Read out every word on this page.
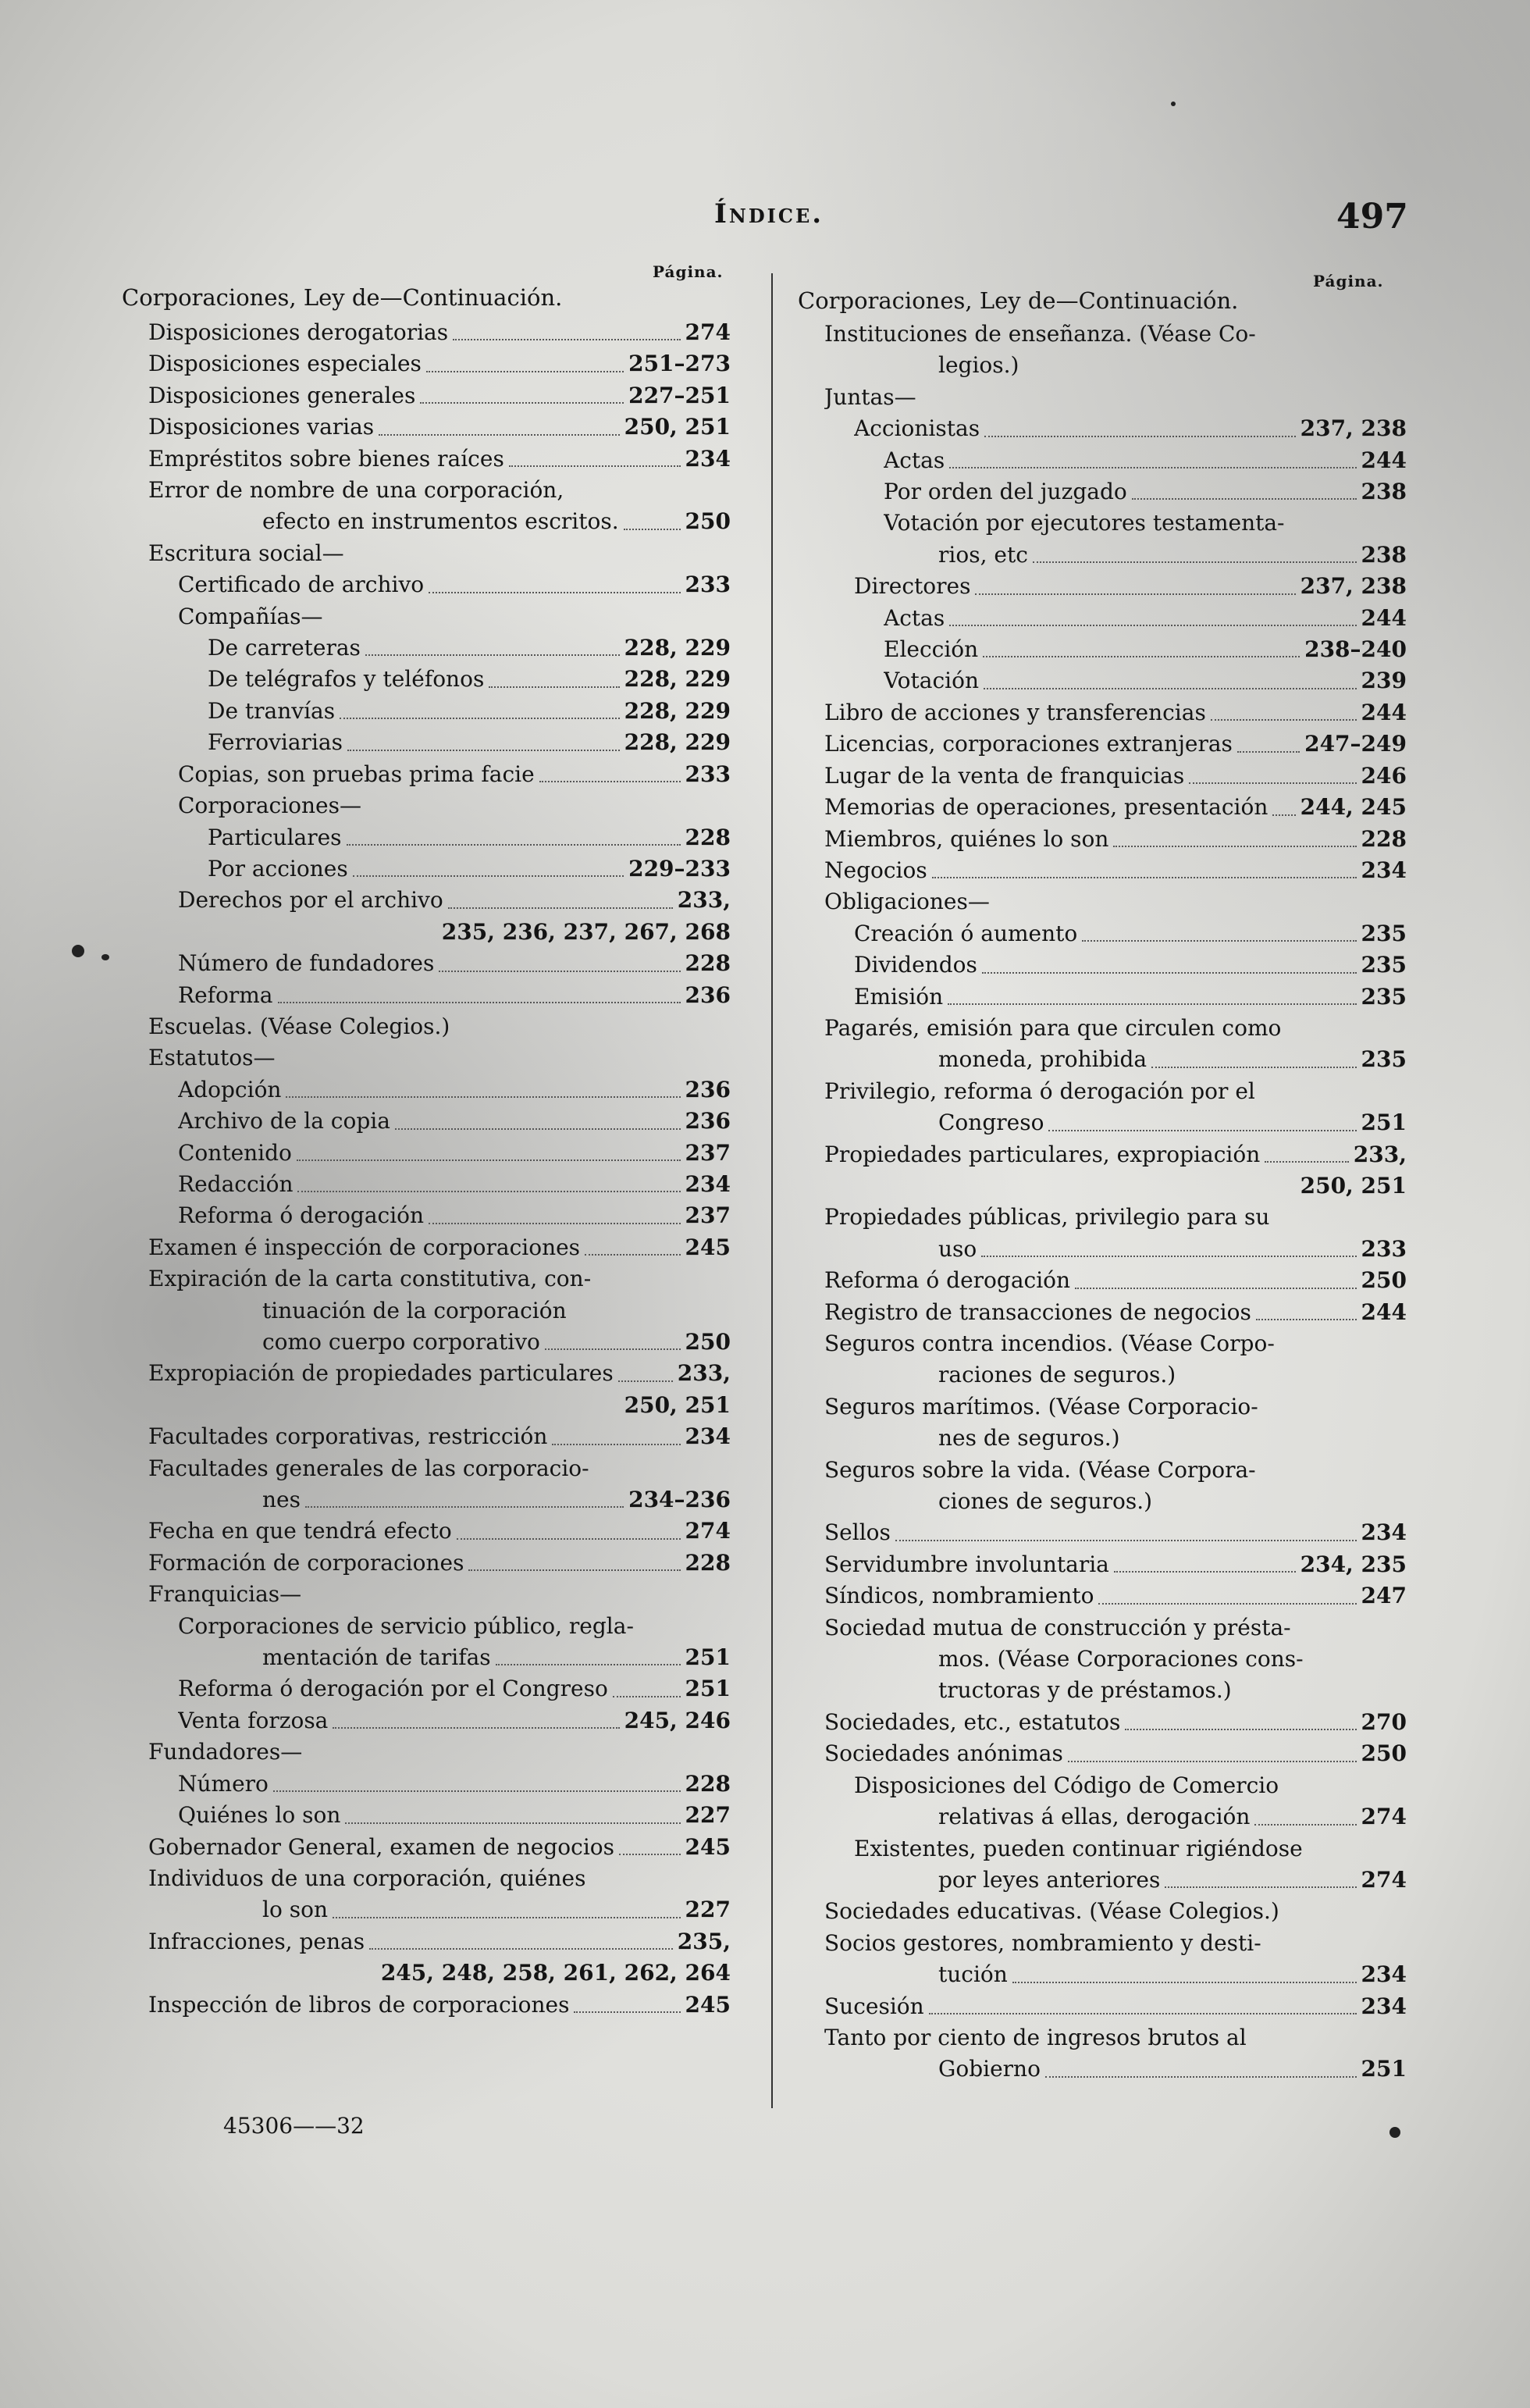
Índice.	497
Página.
Corporaciones, Ley de—Continuación.
Disposiciones derogatorias	274
Disposiciones especiales	251–273
Disposiciones generales	227–251
Disposiciones varias	250, 251
Empréstitos sobre bienes raíces	234
Error de nombre de una corporación,
efecto en instrumentos escritos.	250
Escritura social—
Certificado de archivo	233
Compañías—
De carreteras	228, 229
De telégrafos y teléfonos	228, 229
De tranvías	228, 229
Ferroviarias	228, 229
Copias, son pruebas prima facie	233
Corporaciones—
Particulares	228
Por acciones	229–233
Derechos por el archivo	233,
235, 236, 237, 267, 268
Número de fundadores	228
Reforma	236
Escuelas. (Véase Colegios.)
Estatutos—
Adopción	236
Archivo de la copia	236
Contenido	237
Redacción	234
Reforma ó derogación	237
Examen é inspección de corporaciones	245
Expiración de la carta constitutiva, con-
tinuación de la corporación
como cuerpo corporativo	250
Expropiación de propiedades particulares	233,
250, 251
Facultades corporativas, restricción	234
Facultades generales de las corporacio-
nes	234–236
Fecha en que tendrá efecto	274
Formación de corporaciones	228
Franquicias—
Corporaciones de servicio público, regla-
mentación de tarifas	251
Reforma ó derogación por el Congreso	251
Venta forzosa	245, 246
Fundadores—
Número	228
Quiénes lo son	227
Gobernador General, examen de negocios	245
Individuos de una corporación, quiénes
lo son	227
Infracciones, penas	235,
245, 248, 258, 261, 262, 264
Inspección de libros de corporaciones	245
Página.
Corporaciones, Ley de—Continuación.
Instituciones de enseñanza. (Véase Co-
legios.)
Juntas—
Accionistas	237, 238
Actas	244
Por orden del juzgado	238
Votación por ejecutores testamenta-
rios, etc	238
Directores	237, 238
Actas	244
Elección	238–240
Votación	239
Libro de acciones y transferencias	244
Licencias, corporaciones extranjeras	247–249
Lugar de la venta de franquicias	246
Memorias de operaciones, presentación 244, 245
Miembros, quiénes lo son	228
Negocios	234
Obligaciones—
Creación ó aumento	235
Dividendos	235
Emisión	235
Pagarés, emisión para que circulen como
moneda, prohibida	235
Privilegio, reforma ó derogación por el
Congreso	251
Propiedades particulares, expropiación	233,
250, 251
Propiedades públicas, privilegio para su
uso	233
Reforma ó derogación	250
Registro de transacciones de negocios	244
Seguros contra incendios. (Véase Corpo-
raciones de seguros.)
Seguros marítimos. (Véase Corporacio-
nes de seguros.)
Seguros sobre la vida. (Véase Corpora-
ciones de seguros.)
Sellos	234
Servidumbre involuntaria	234, 235
Síndicos, nombramiento	247
Sociedad mutua de construcción y présta-
mos. (Véase Corporaciones cons-
tructoras y de préstamos.)
Sociedades, etc., estatutos	270
Sociedades anónimas	250
Disposiciones del Código de Comercio
relativas á ellas, derogación	274
Existentes, pueden continuar rigiéndose
por leyes anteriores	274
Sociedades educativas. (Véase Colegios.)
Socios gestores, nombramiento y desti-
tución	234
Sucesión	234
Tanto por ciento de ingresos brutos al
Gobierno	251
45306——32
